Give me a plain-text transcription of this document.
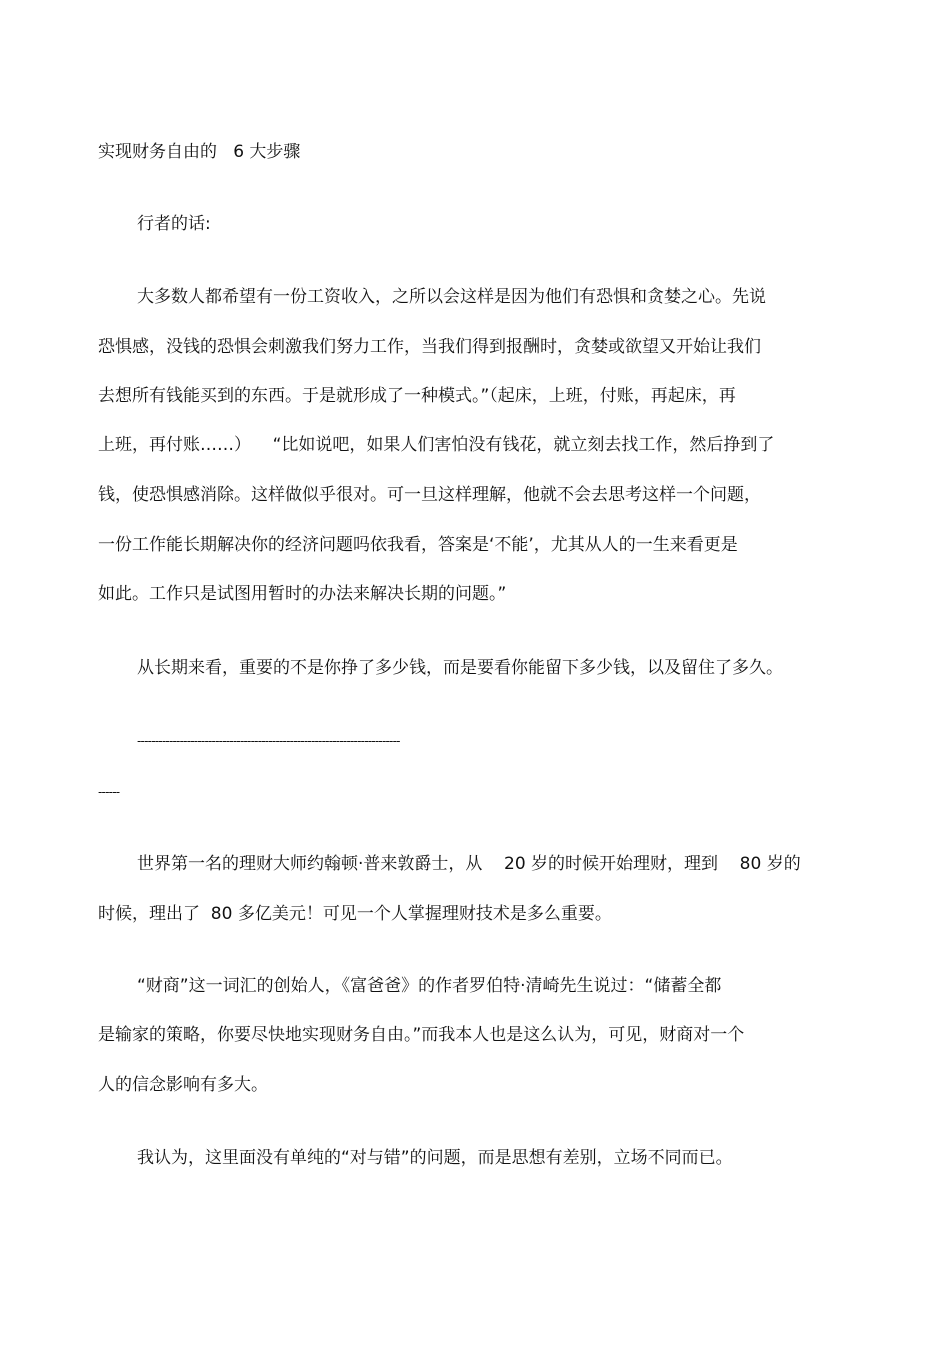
实现财务自由的   6 大步骤

行者的话:

大多数人都希望有一份工资收入，之所以会这样是因为他们有恐惧和贪婪之心。先说

恐惧感，没钱的恐惧会刺激我们努力工作，当我们得到报酬时，贪婪或欲望又开始让我们

去想所有钱能买到的东西。于是就形成了一种模式。”（起床，上班，付账，再起床，再

上班，再付账……）    “比如说吧，如果人们害怕没有钱花，就立刻去找工作，然后挣到了

钱，使恐惧感消除。这样做似乎很对。可一旦这样理解，他就不会去思考这样一个问题，

一份工作能长期解决你的经济问题吗依我看，答案是‘不能’，尤其从人的一生来看更是

如此。工作只是试图用暂时的办法来解决长期的问题。”

从长期来看，重要的不是你挣了多少钱，而是要看你能留下多少钱，以及留住了多久。

--------------------------------------------------------------------------

------

世界第一名的理财大师约翰顿·普来敦爵士，从    20 岁的时候开始理财，理到    80 岁的

时候，理出了  80 多亿美元！可见一个人掌握理财技术是多么重要。

“财商”这一词汇的创始人，《富爸爸》的作者罗伯特·清崎先生说过：“储蓄全都

是输家的策略，你要尽快地实现财务自由。”而我本人也是这么认为，可见，财商对一个

人的信念影响有多大。

我认为，这里面没有单纯的“对与错”的问题，而是思想有差别，立场不同而已。
